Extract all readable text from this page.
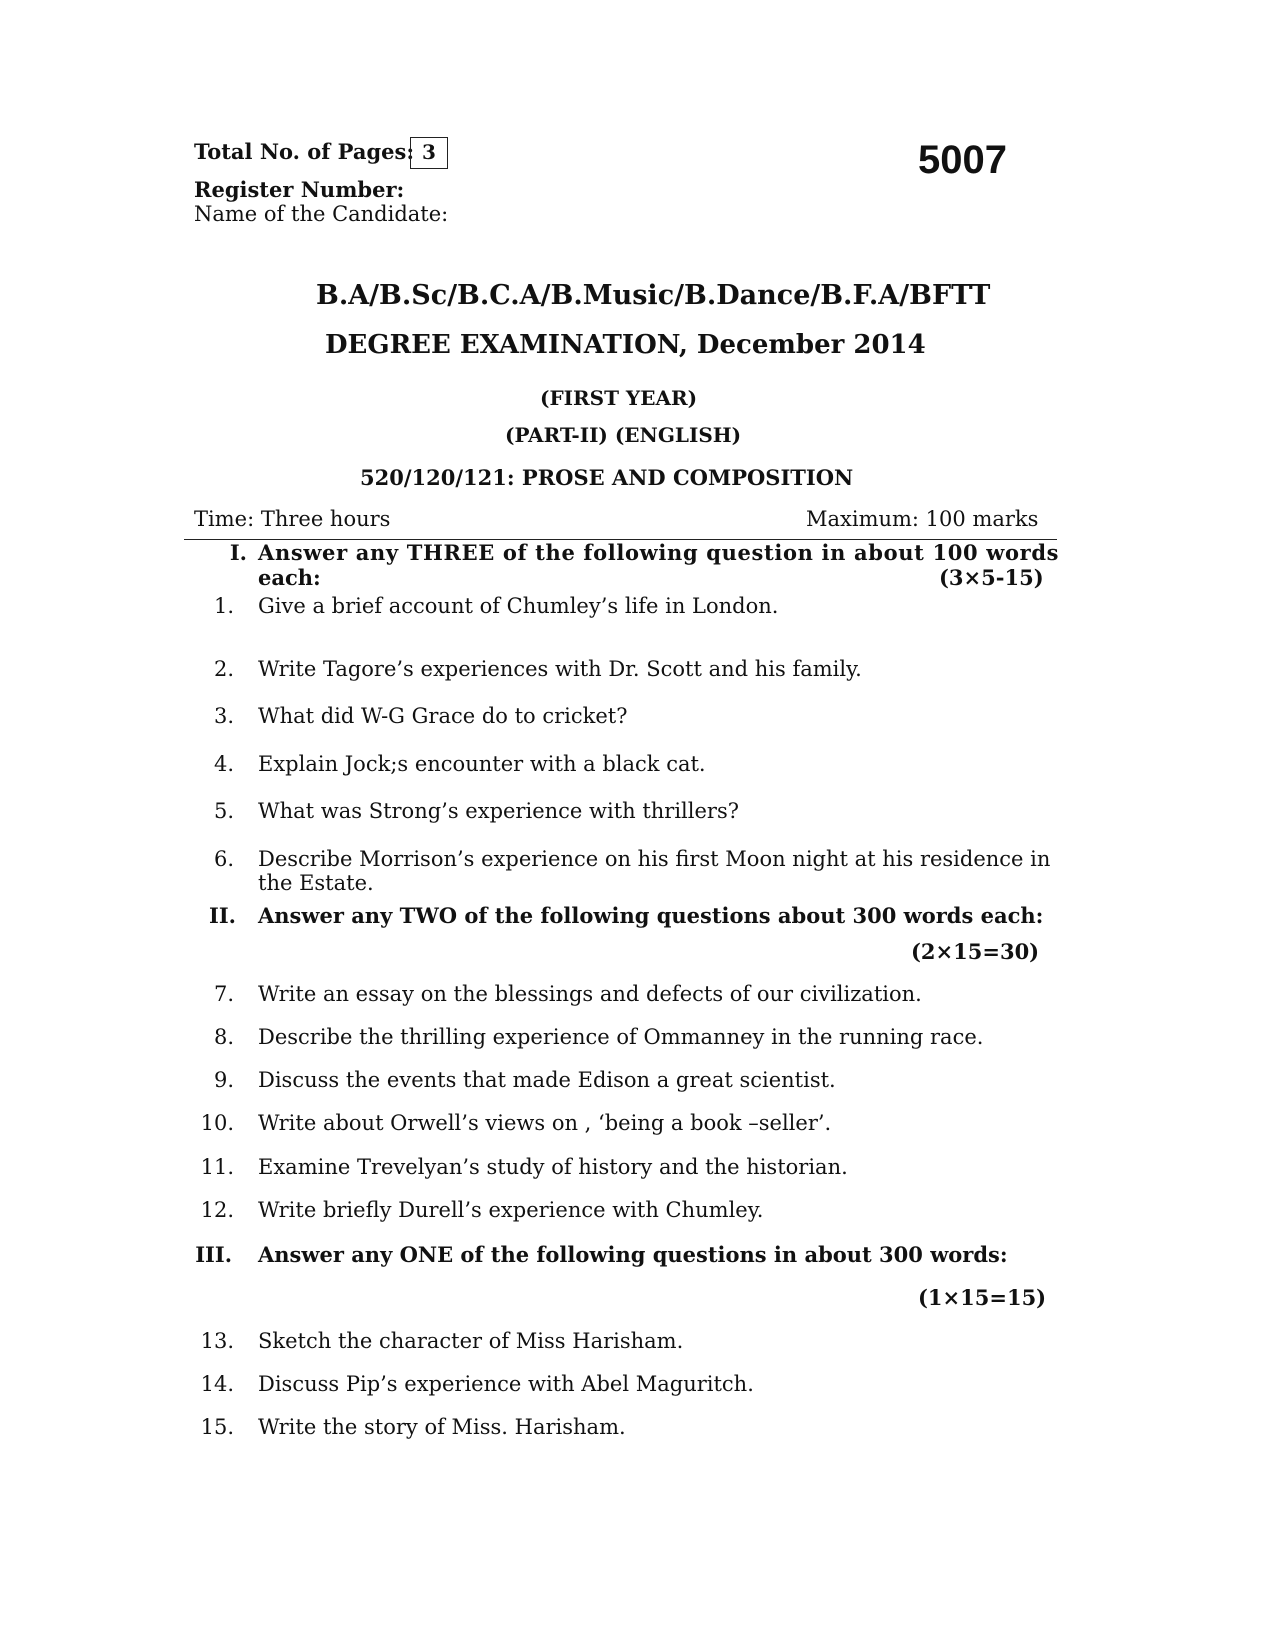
Total No. of Pages: 3
Register Number:
Name of the Candidate:
5007
B.A/B.Sc/B.C.A/B.Music/B.Dance/B.F.A/BFTT
DEGREE EXAMINATION, December 2014
(FIRST YEAR)
(PART-II) (ENGLISH)
520/120/121: PROSE AND COMPOSITION
Time: Three hours	Maximum: 100 marks
I. Answer any THREE of the following question in about 100 words
each:	(3×5-15)
1. Give a brief account of Chumley’s life in London.
2. Write Tagore’s experiences with Dr. Scott and his family.
3. What did W-G Grace do to cricket?
4. Explain Jock;s encounter with a black cat.
5. What was Strong’s experience with thrillers?
6. Describe Morrison’s experience on his first Moon night at his residence in
the Estate.
II. Answer any TWO of the following questions about 300 words each:
(2×15=30)
7. Write an essay on the blessings and defects of our civilization.
8. Describe the thrilling experience of Ommanney in the running race.
9. Discuss the events that made Edison a great scientist.
10. Write about Orwell’s views on , ‘being a book –seller’.
11. Examine Trevelyan’s study of history and the historian.
12. Write briefly Durell’s experience with Chumley.
III. Answer any ONE of the following questions in about 300 words:
(1×15=15)
13. Sketch the character of Miss Harisham.
14. Discuss Pip’s experience with Abel Maguritch.
15. Write the story of Miss. Harisham.
